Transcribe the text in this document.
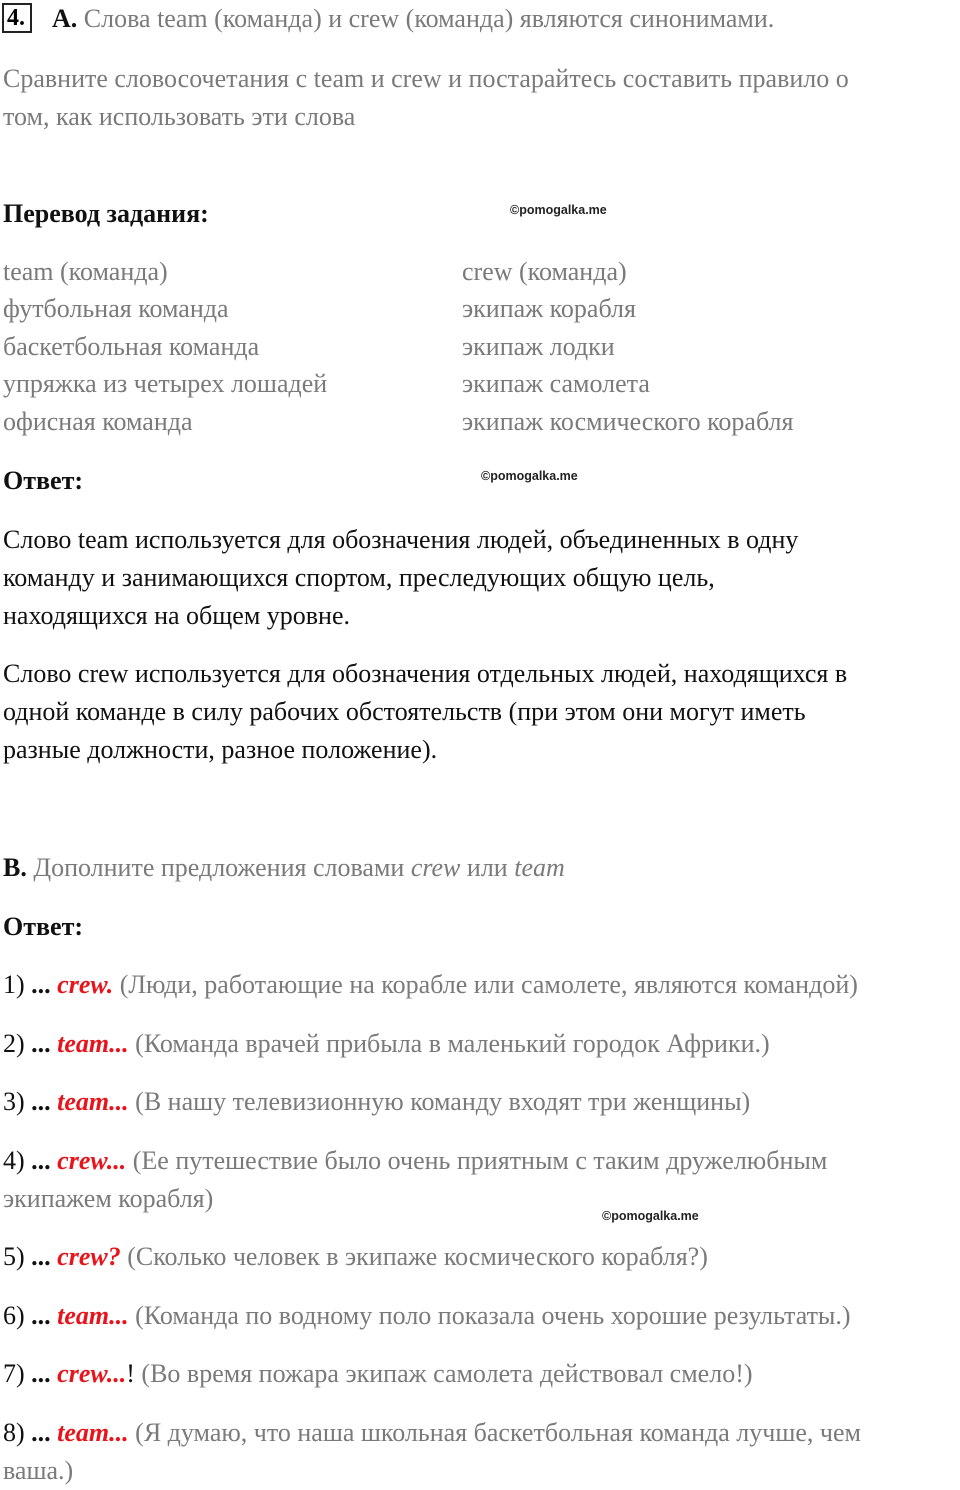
4. A. Слова team (команда) и crew (команда) являются синонимами.
Сравните словосочетания с team и crew и постарайтесь составить правило о
том, как использовать эти слова
Перевод задания:	©pomogalka.me
team (команда)
футбольная команда
баскетбольная команда
упряжка из четырех лошадей
офисная команда
crew (команда)
экипаж корабля
экипаж лодки
экипаж самолета
экипаж космического корабля
Ответ:	©pomogalka.me
Слово team используется для обозначения людей, объединенных в одну
команду и занимающихся спортом, преследующих общую цель,
находящихся на общем уровне.
Слово crew используется для обозначения отдельных людей, находящихся в
одной команде в силу рабочих обстоятельств (при этом они могут иметь
разные должности, разное положение).
B. Дополните предложения словами crew или team
Ответ:
1) ... crew. (Люди, работающие на корабле или самолете, являются командой)
2) ... team... (Команда врачей прибыла в маленький городок Африки.)
3) ... team... (В нашу телевизионную команду входят три женщины)
4) ... crew... (Ее путешествие было очень приятным с таким дружелюбным
экипажем корабля)
©pomogalka.me
5) ... crew? (Сколько человек в экипаже космического корабля?)
6) ... team... (Команда по водному поло показала очень хорошие результаты.)
7) ... crew...! (Во время пожара экипаж самолета действовал смело!)
8) ... team... (Я думаю, что наша школьная баскетбольная команда лучше, чем
ваша.)
